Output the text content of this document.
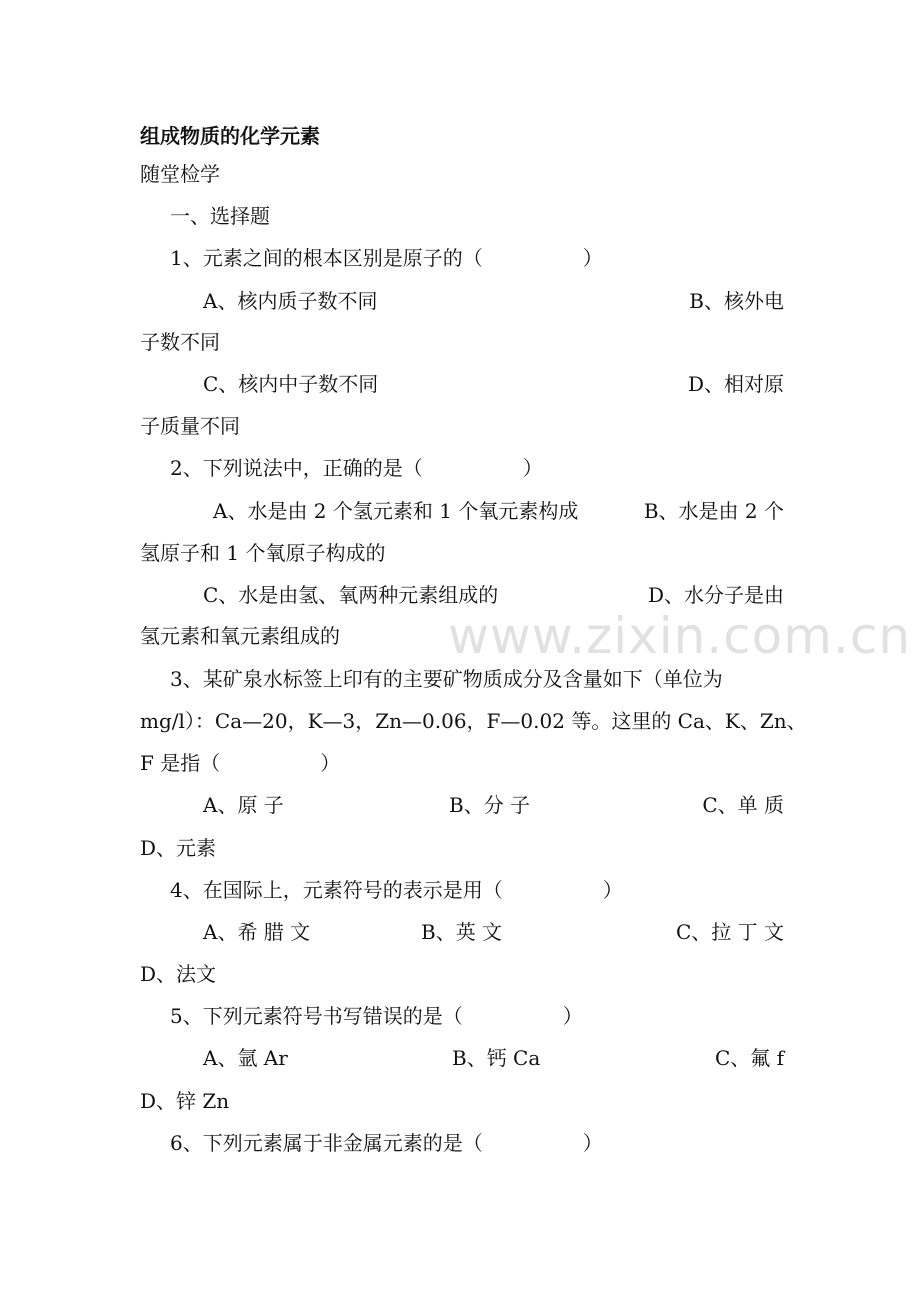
www.zixin.com.cn
组成物质的化学元素
随堂检学
一、选择题
1、元素之间的根本区别是原子的（　　　　　）
A、核内质子数不同	B、核外电
子数不同
C、核内中子数不同	D、相对原
子质量不同
2、下列说法中，正确的是（　　　　　）
A、水是由 2 个氢元素和 1 个氧元素构成	B、水是由 2 个
氢原子和 1 个氧原子构成的
C、水是由氢、氧两种元素组成的	D、水分子是由
氢元素和氧元素组成的
3、某矿泉水标签上印有的主要矿物质成分及含量如下（单位为
mg/l）：Ca—20，K—3，Zn—0.06，F—0.02 等。这里的 Ca、K、Zn、
F 是指（　　　　　）
A、原 子	B、分 子	C、单 质
D、元素
4、在国际上，元素符号的表示是用（　　　　　）
A、希 腊 文	B、英 文	C、拉 丁 文
D、法文
5、下列元素符号书写错误的是（　　　　　）
A、氩 Ar	B、钙 Ca	C、氟 f
D、锌 Zn
6、下列元素属于非金属元素的是（　　　　　）
